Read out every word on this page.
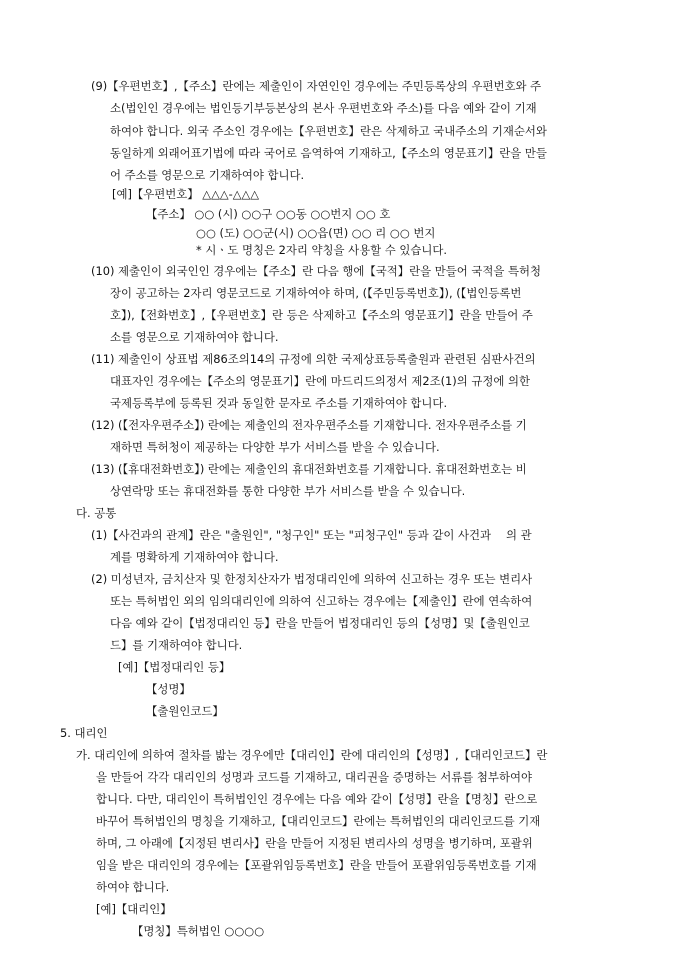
(9)【우편번호】,【주소】란에는 제출인이 자연인인 경우에는 주민등록상의 우편번호와 주
소(법인인 경우에는 법인등기부등본상의 본사 우편번호와 주소)를 다음 예와 같이 기재
하여야 합니다. 외국 주소인 경우에는【우편번호】란은 삭제하고 국내주소의 기재순서와
동일하게 외래어표기법에 따라 국어로 음역하여 기재하고,【주소의 영문표기】란을 만들
어 주소를 영문으로 기재하여야 합니다.
[예]【우편번호】 △△△-△△△
【주소】 ○○ (시) ○○구 ○○동 ○○번지 ○○ 호
○○ (도) ○○군(시) ○○읍(면) ○○ 리 ○○ 번지
* 시ㆍ도 명칭은 2자리 약칭을 사용할 수 있습니다.
(10) 제출인이 외국인인 경우에는【주소】란 다음 행에【국적】란을 만들어 국적을 특허청
장이 공고하는 2자리 영문코드로 기재하여야 하며, (【주민등록번호】), (【법인등록번
호】),【전화번호】,【우편번호】란 등은 삭제하고【주소의 영문표기】란을 만들어 주
소를 영문으로 기재하여야 합니다.
(11) 제출인이 상표법 제86조의14의 규정에 의한 국제상표등록출원과 관련된 심판사건의
대표자인 경우에는【주소의 영문표기】란에 마드리드의정서 제2조(1)의 규정에 의한
국제등록부에 등록된 것과 동일한 문자로 주소를 기재하여야 합니다.
(12) (【전자우편주소】) 란에는 제출인의 전자우편주소를 기재합니다. 전자우편주소를 기
재하면 특허청이 제공하는 다양한 부가 서비스를 받을 수 있습니다.
(13) (【휴대전화번호】) 란에는 제출인의 휴대전화번호를 기재합니다. 휴대전화번호는 비
상연락망 또는 휴대전화를 통한 다양한 부가 서비스를 받을 수 있습니다.
다. 공통
(1)【사건과의 관계】란은 "출원인", "청구인" 또는 "피청구인" 등과 같이 사건과　 의 관
계를 명확하게 기재하여야 합니다.
(2) 미성년자, 금치산자 및 한정치산자가 법정대리인에 의하여 신고하는 경우 또는 변리사
또는 특허법인 외의 임의대리인에 의하여 신고하는 경우에는【제출인】란에 연속하여
다음 예와 같이【법정대리인 등】란을 만들어 법정대리인 등의【성명】및【출원인코
드】를 기재하여야 합니다.
[예]【법정대리인 등】
【성명】
【출원인코드】
5. 대리인
가. 대리인에 의하여 절차를 밟는 경우에만【대리인】란에 대리인의【성명】,【대리인코드】란
을 만들어 각각 대리인의 성명과 코드를 기재하고, 대리권을 증명하는 서류를 첨부하여야
합니다. 다만, 대리인이 특허법인인 경우에는 다음 예와 같이【성명】란을【명칭】란으로
바꾸어 특허법인의 명칭을 기재하고,【대리인코드】란에는 특허법인의 대리인코드를 기재
하며, 그 아래에【지정된 변리사】란을 만들어 지정된 변리사의 성명을 병기하며, 포괄위
임을 받은 대리인의 경우에는【포괄위임등록번호】란을 만들어 포괄위임등록번호를 기재
하여야 합니다.
[예]【대리인】
【명칭】특허법인 ○○○○
